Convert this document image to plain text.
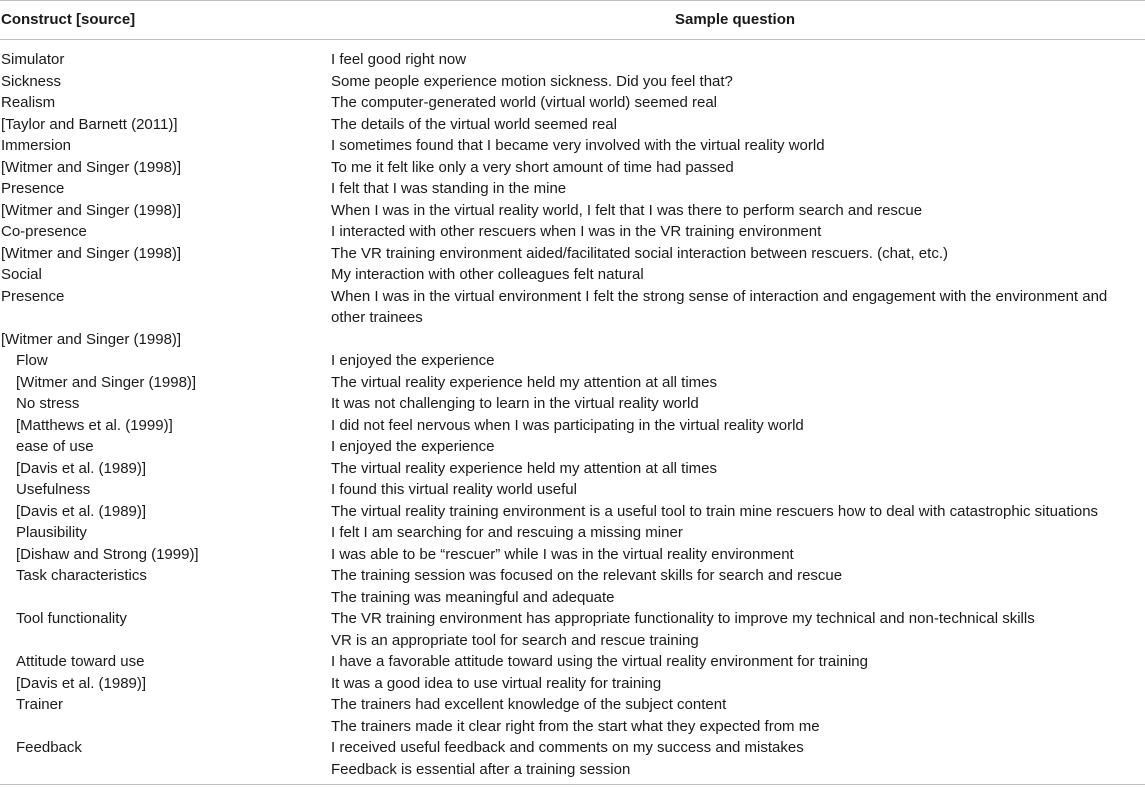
Construct [source]	Sample question
Simulator	I feel good right now
Sickness	Some people experience motion sickness. Did you feel that?
Realism	The computer-generated world (virtual world) seemed real
[Taylor and Barnett (2011)]	The details of the virtual world seemed real
Immersion	I sometimes found that I became very involved with the virtual reality world
[Witmer and Singer (1998)]	To me it felt like only a very short amount of time had passed
Presence	I felt that I was standing in the mine
[Witmer and Singer (1998)]	When I was in the virtual reality world, I felt that I was there to perform search and rescue
Co-presence	I interacted with other rescuers when I was in the VR training environment
[Witmer and Singer (1998)]	The VR training environment aided/facilitated social interaction between rescuers. (chat, etc.)
Social	My interaction with other colleagues felt natural
Presence	When I was in the virtual environment I felt the strong sense of interaction and engagement with the environment and other trainees
[Witmer and Singer (1998)]
Flow	I enjoyed the experience
[Witmer and Singer (1998)]	The virtual reality experience held my attention at all times
No stress	It was not challenging to learn in the virtual reality world
[Matthews et al. (1999)]	I did not feel nervous when I was participating in the virtual reality world
ease of use	I enjoyed the experience
[Davis et al. (1989)]	The virtual reality experience held my attention at all times
Usefulness	I found this virtual reality world useful
[Davis et al. (1989)]	The virtual reality training environment is a useful tool to train mine rescuers how to deal with catastrophic situations
Plausibility	I felt I am searching for and rescuing a missing miner
[Dishaw and Strong (1999)]	I was able to be “rescuer” while I was in the virtual reality environment
Task characteristics	The training session was focused on the relevant skills for search and rescue
The training was meaningful and adequate
Tool functionality	The VR training environment has appropriate functionality to improve my technical and non-technical skills
VR is an appropriate tool for search and rescue training
Attitude toward use	I have a favorable attitude toward using the virtual reality environment for training
[Davis et al. (1989)]	It was a good idea to use virtual reality for training
Trainer	The trainers had excellent knowledge of the subject content
The trainers made it clear right from the start what they expected from me
Feedback	I received useful feedback and comments on my success and mistakes
Feedback is essential after a training session
